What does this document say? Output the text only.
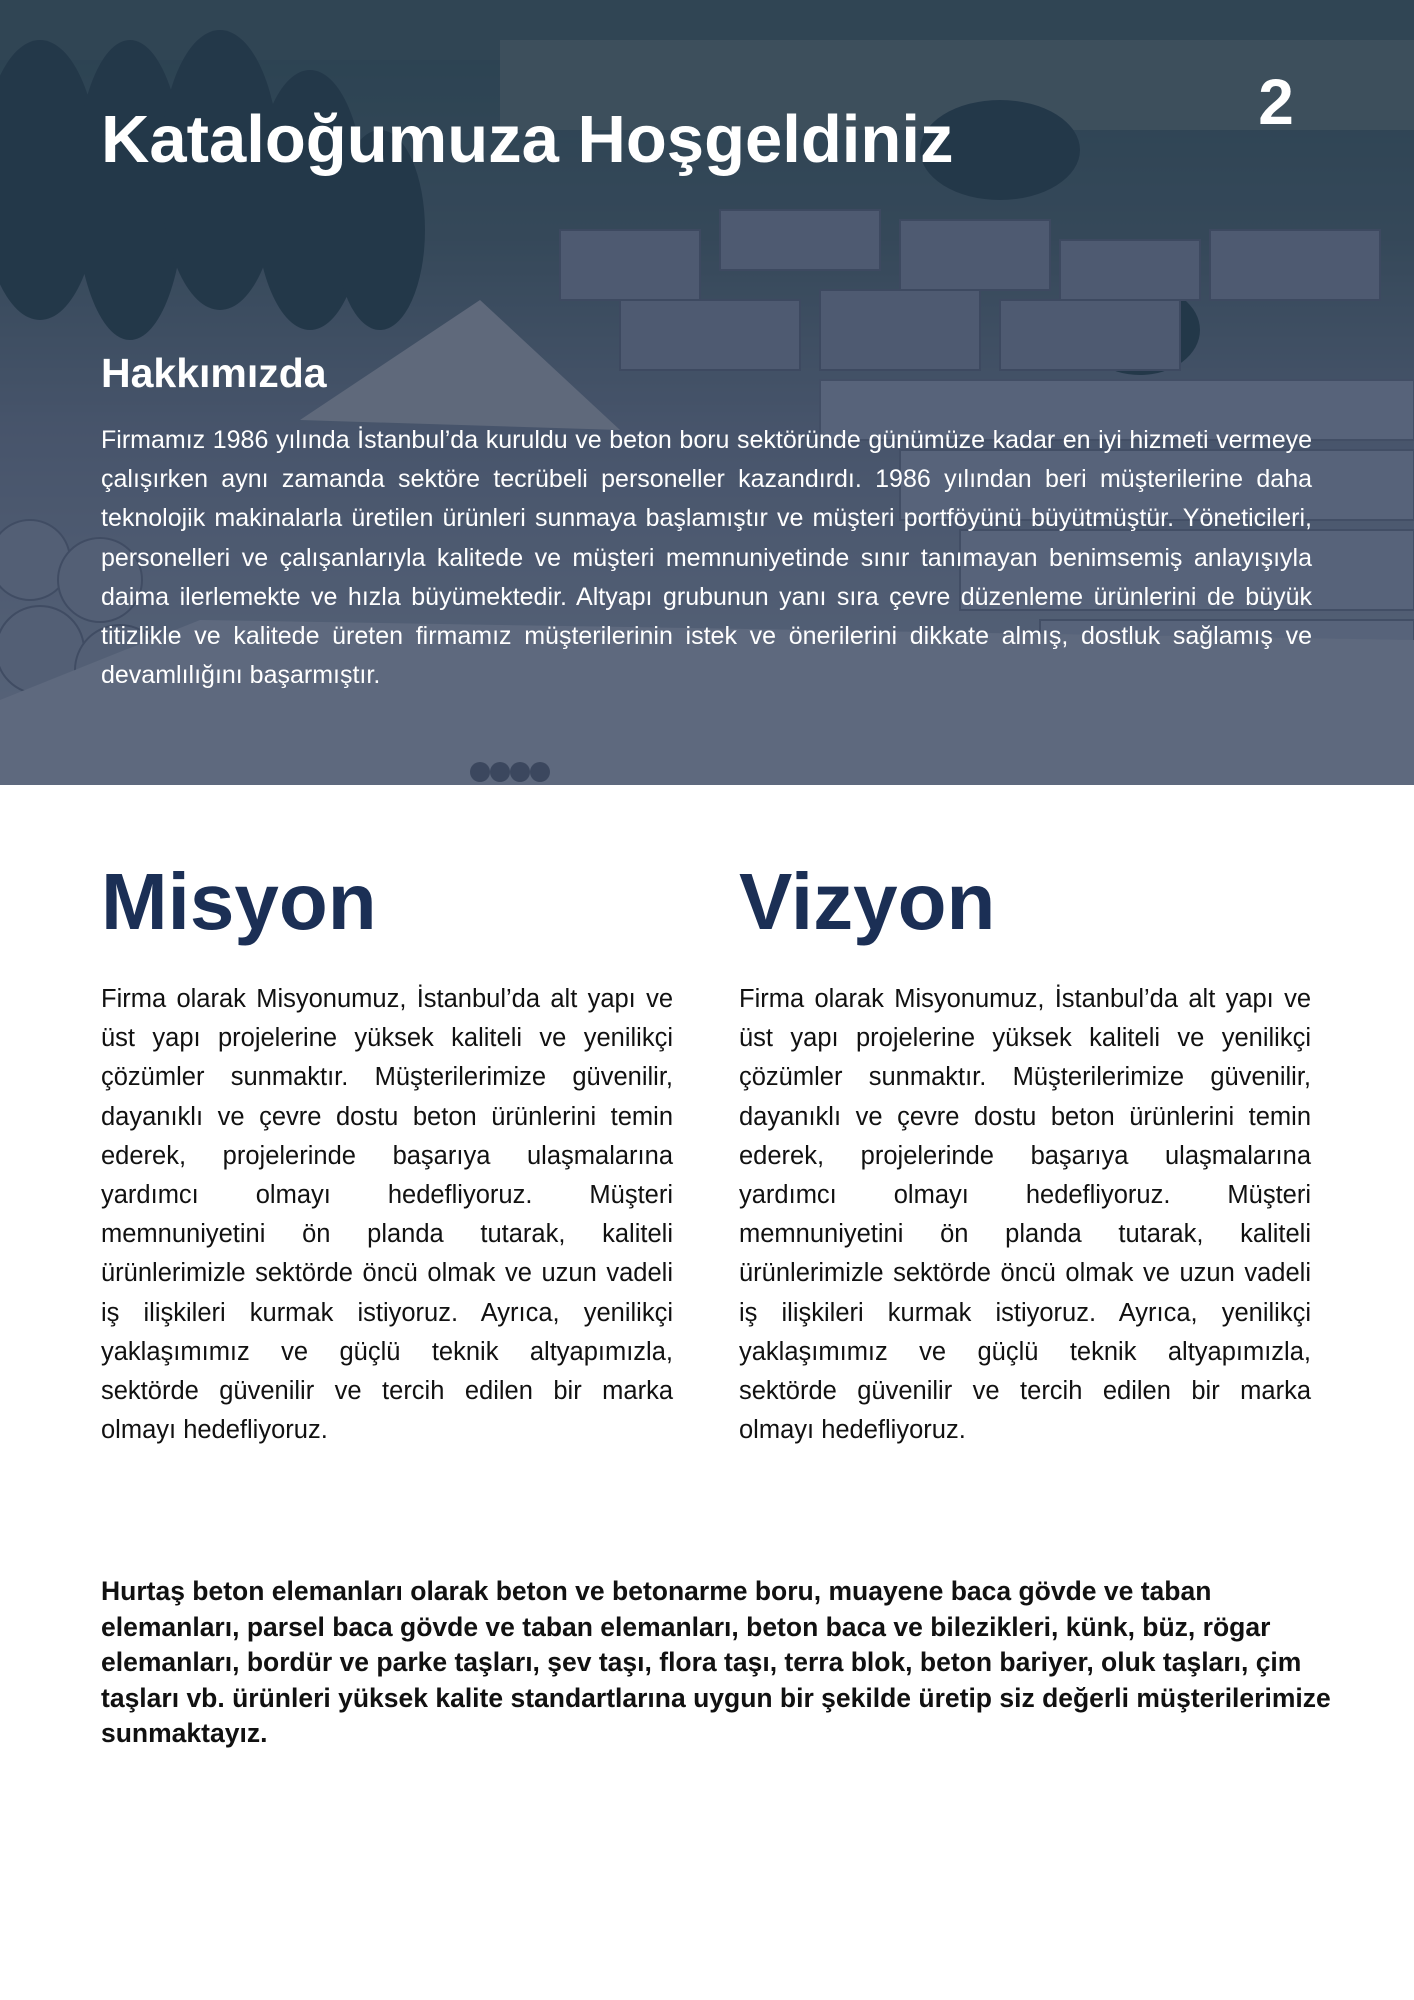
2
Kataloğumuza Hoşgeldiniz
Hakkımızda

Firmamız 1986 yılında İstanbul’da kuruldu ve beton boru sektöründe günümüze kadar en iyi hizmeti vermeye çalışırken aynı zamanda sektöre tecrübeli personeller kazandırdı. 1986 yılından beri müşterilerine daha teknolojik makinalarla üretilen ürünleri sunmaya başlamıştır ve müşteri portföyünü büyütmüştür. Yöneticileri, personelleri ve çalışanlarıyla kalitede ve müşteri memnuniyetinde sınır tanımayan benimsemiş anlayışıyla daima ilerlemekte ve hızla büyümektedir. Altyapı grubunun yanı sıra çevre düzenleme ürünlerini de büyük titizlikle ve kalitede üreten firmamız müşterilerinin istek ve önerilerini dikkate almış, dostluk sağlamış ve devamlılığını başarmıştır.

Misyon

Firma olarak Misyonumuz, İstanbul’da alt yapı ve üst yapı projelerine yüksek kaliteli ve yenilikçi çözümler sunmaktır. Müşterilerimize güvenilir, dayanıklı ve çevre dostu beton ürünlerini temin ederek, projelerinde başarıya ulaşmalarına yardımcı olmayı hedefliyoruz. Müşteri memnuniyetini ön planda tutarak, kaliteli ürünlerimizle sektörde öncü olmak ve uzun vadeli iş ilişkileri kurmak istiyoruz. Ayrıca, yenilikçi yaklaşımımız ve güçlü teknik altyapımızla, sektörde güvenilir ve tercih edilen bir marka olmayı hedefliyoruz.

Vizyon

Firma olarak Misyonumuz, İstanbul’da alt yapı ve üst yapı projelerine yüksek kaliteli ve yenilikçi çözümler sunmaktır. Müşterilerimize güvenilir, dayanıklı ve çevre dostu beton ürünlerini temin ederek, projelerinde başarıya ulaşmalarına yardımcı olmayı hedefliyoruz. Müşteri memnuniyetini ön planda tutarak, kaliteli ürünlerimizle sektörde öncü olmak ve uzun vadeli iş ilişkileri kurmak istiyoruz. Ayrıca, yenilikçi yaklaşımımız ve güçlü teknik altyapımızla, sektörde güvenilir ve tercih edilen bir marka olmayı hedefliyoruz.

Hurtaş beton elemanları olarak beton ve betonarme boru, muayene baca gövde ve taban elemanları, parsel baca gövde ve taban elemanları, beton baca ve bilezikleri, künk, büz, rögar elemanları, bordür ve parke taşları, şev taşı, flora taşı, terra blok, beton bariyer, oluk taşları, çim taşları vb. ürünleri yüksek kalite standartlarına uygun bir şekilde üretip siz değerli müşterilerimize sunmaktayız.
